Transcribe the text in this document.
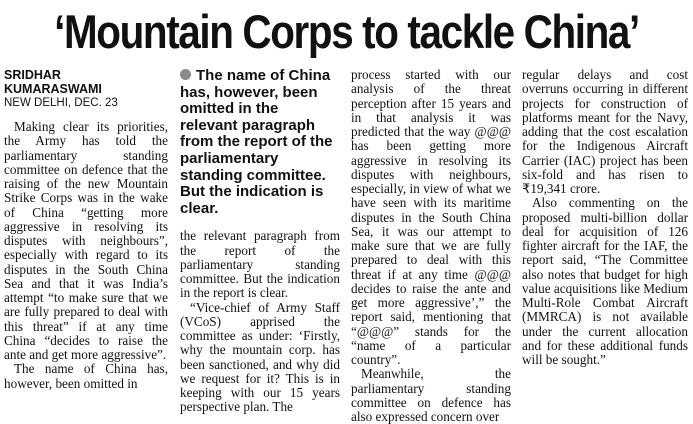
‘Mountain Corps to tackle China’
SRIDHAR
KUMARASWAMI
NEW DELHI, DEC. 23

Making clear its priorities, the Army has told the parliamentary standing committee on defence that the raising of the new Mountain Strike Corps was in the wake of China “getting more aggressive in resolving its disputes with neighbours”, especially with regard to its disputes in the South China Sea and that it was India’s attempt “to make sure that we are fully prepared to deal with this threat” if at any time China “decides to raise the ante and get more aggressive”.

The name of China has, however, been omitted in

The name of China has, however, been omitted in the relevant paragraph from the report of the parliamentary standing committee. But the indication is clear.

the relevant paragraph from the report of the parliamentary standing committee. But the indication in the report is clear.

“Vice-chief of Army Staff (VCoS) apprised the committee as under: ‘Firstly, why the mountain corp. has been sanctioned, and why did we request for it? This is in keeping with our 15 years perspective plan. The

process started with our analysis of the threat perception after 15 years and in that analysis it was predicted that the way @@@ has been getting more aggressive in resolving its disputes with neighbours, especially, in view of what we have seen with its maritime disputes in the South China Sea, it was our attempt to make sure that we are fully prepared to deal with this threat if at any time @@@ decides to raise the ante and get more aggressive’,” the report said, mentioning that “@@@” stands for the “name of a particular country”.

Meanwhile, the parliamentary standing committee on defence has also expressed concern over

regular delays and cost overruns occurring in different projects for construction of platforms meant for the Navy, adding that the cost escalation for the Indigenous Aircraft Carrier (IAC) project has been six-fold and has risen to ₹19,341 crore.

Also commenting on the proposed multi-billion dollar deal for acquisition of 126 fighter aircraft for the IAF, the report said, “The Committee also notes that budget for high value acquisitions like Medium Multi-Role Combat Aircraft (MMRCA) is not available under the current allocation and for these additional funds will be sought.”
